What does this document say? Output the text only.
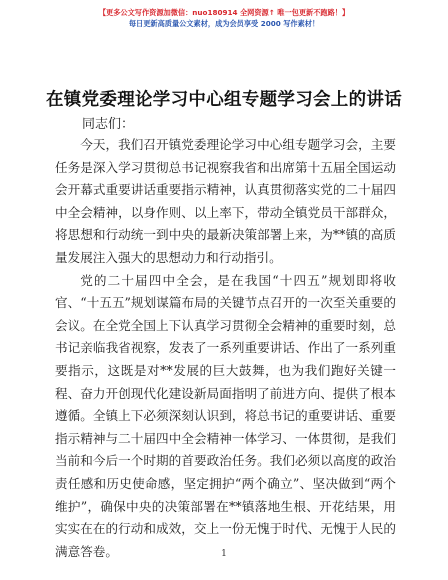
【更多公文写作资源加微信：nuo180914 全网资源↑ 唯一包更新不跑路！】
每日更新高质量公文素材，成为会员享受 2000 写作素材！
在镇党委理论学习中心组专题学习会上的讲话
同志们：

今天，我们召开镇党委理论学习中心组专题学习会，主要任务是深入学习贯彻总书记视察我省和出席第十五届全国运动会开幕式重要讲话重要指示精神，认真贯彻落实党的二十届四中全会精神，以身作则、以上率下，带动全镇党员干部群众，将思想和行动统一到中央的最新决策部署上来，为**镇的高质量发展注入强大的思想动力和行动指引。

党的二十届四中全会，是在我国“十四五”规划即将收官、“十五五”规划谋篇布局的关键节点召开的一次至关重要的会议。在全党全国上下认真学习贯彻全会精神的重要时刻，总书记亲临我省视察，发表了一系列重要讲话、作出了一系列重要指示，这既是对**发展的巨大鼓舞，也为我们跑好关键一程、奋力开创现代化建设新局面指明了前进方向、提供了根本遵循。全镇上下必须深刻认识到，将总书记的重要讲话、重要指示精神与二十届四中全会精神一体学习、一体贯彻，是我们当前和今后一个时期的首要政治任务。我们必须以高度的政治责任感和历史使命感，坚定拥护“两个确立”、坚决做到“两个维护”，确保中央的决策部署在**镇落地生根、开花结果，用实实在在的行动和成效，交上一份无愧于时代、无愧于人民的满意答卷。	1
